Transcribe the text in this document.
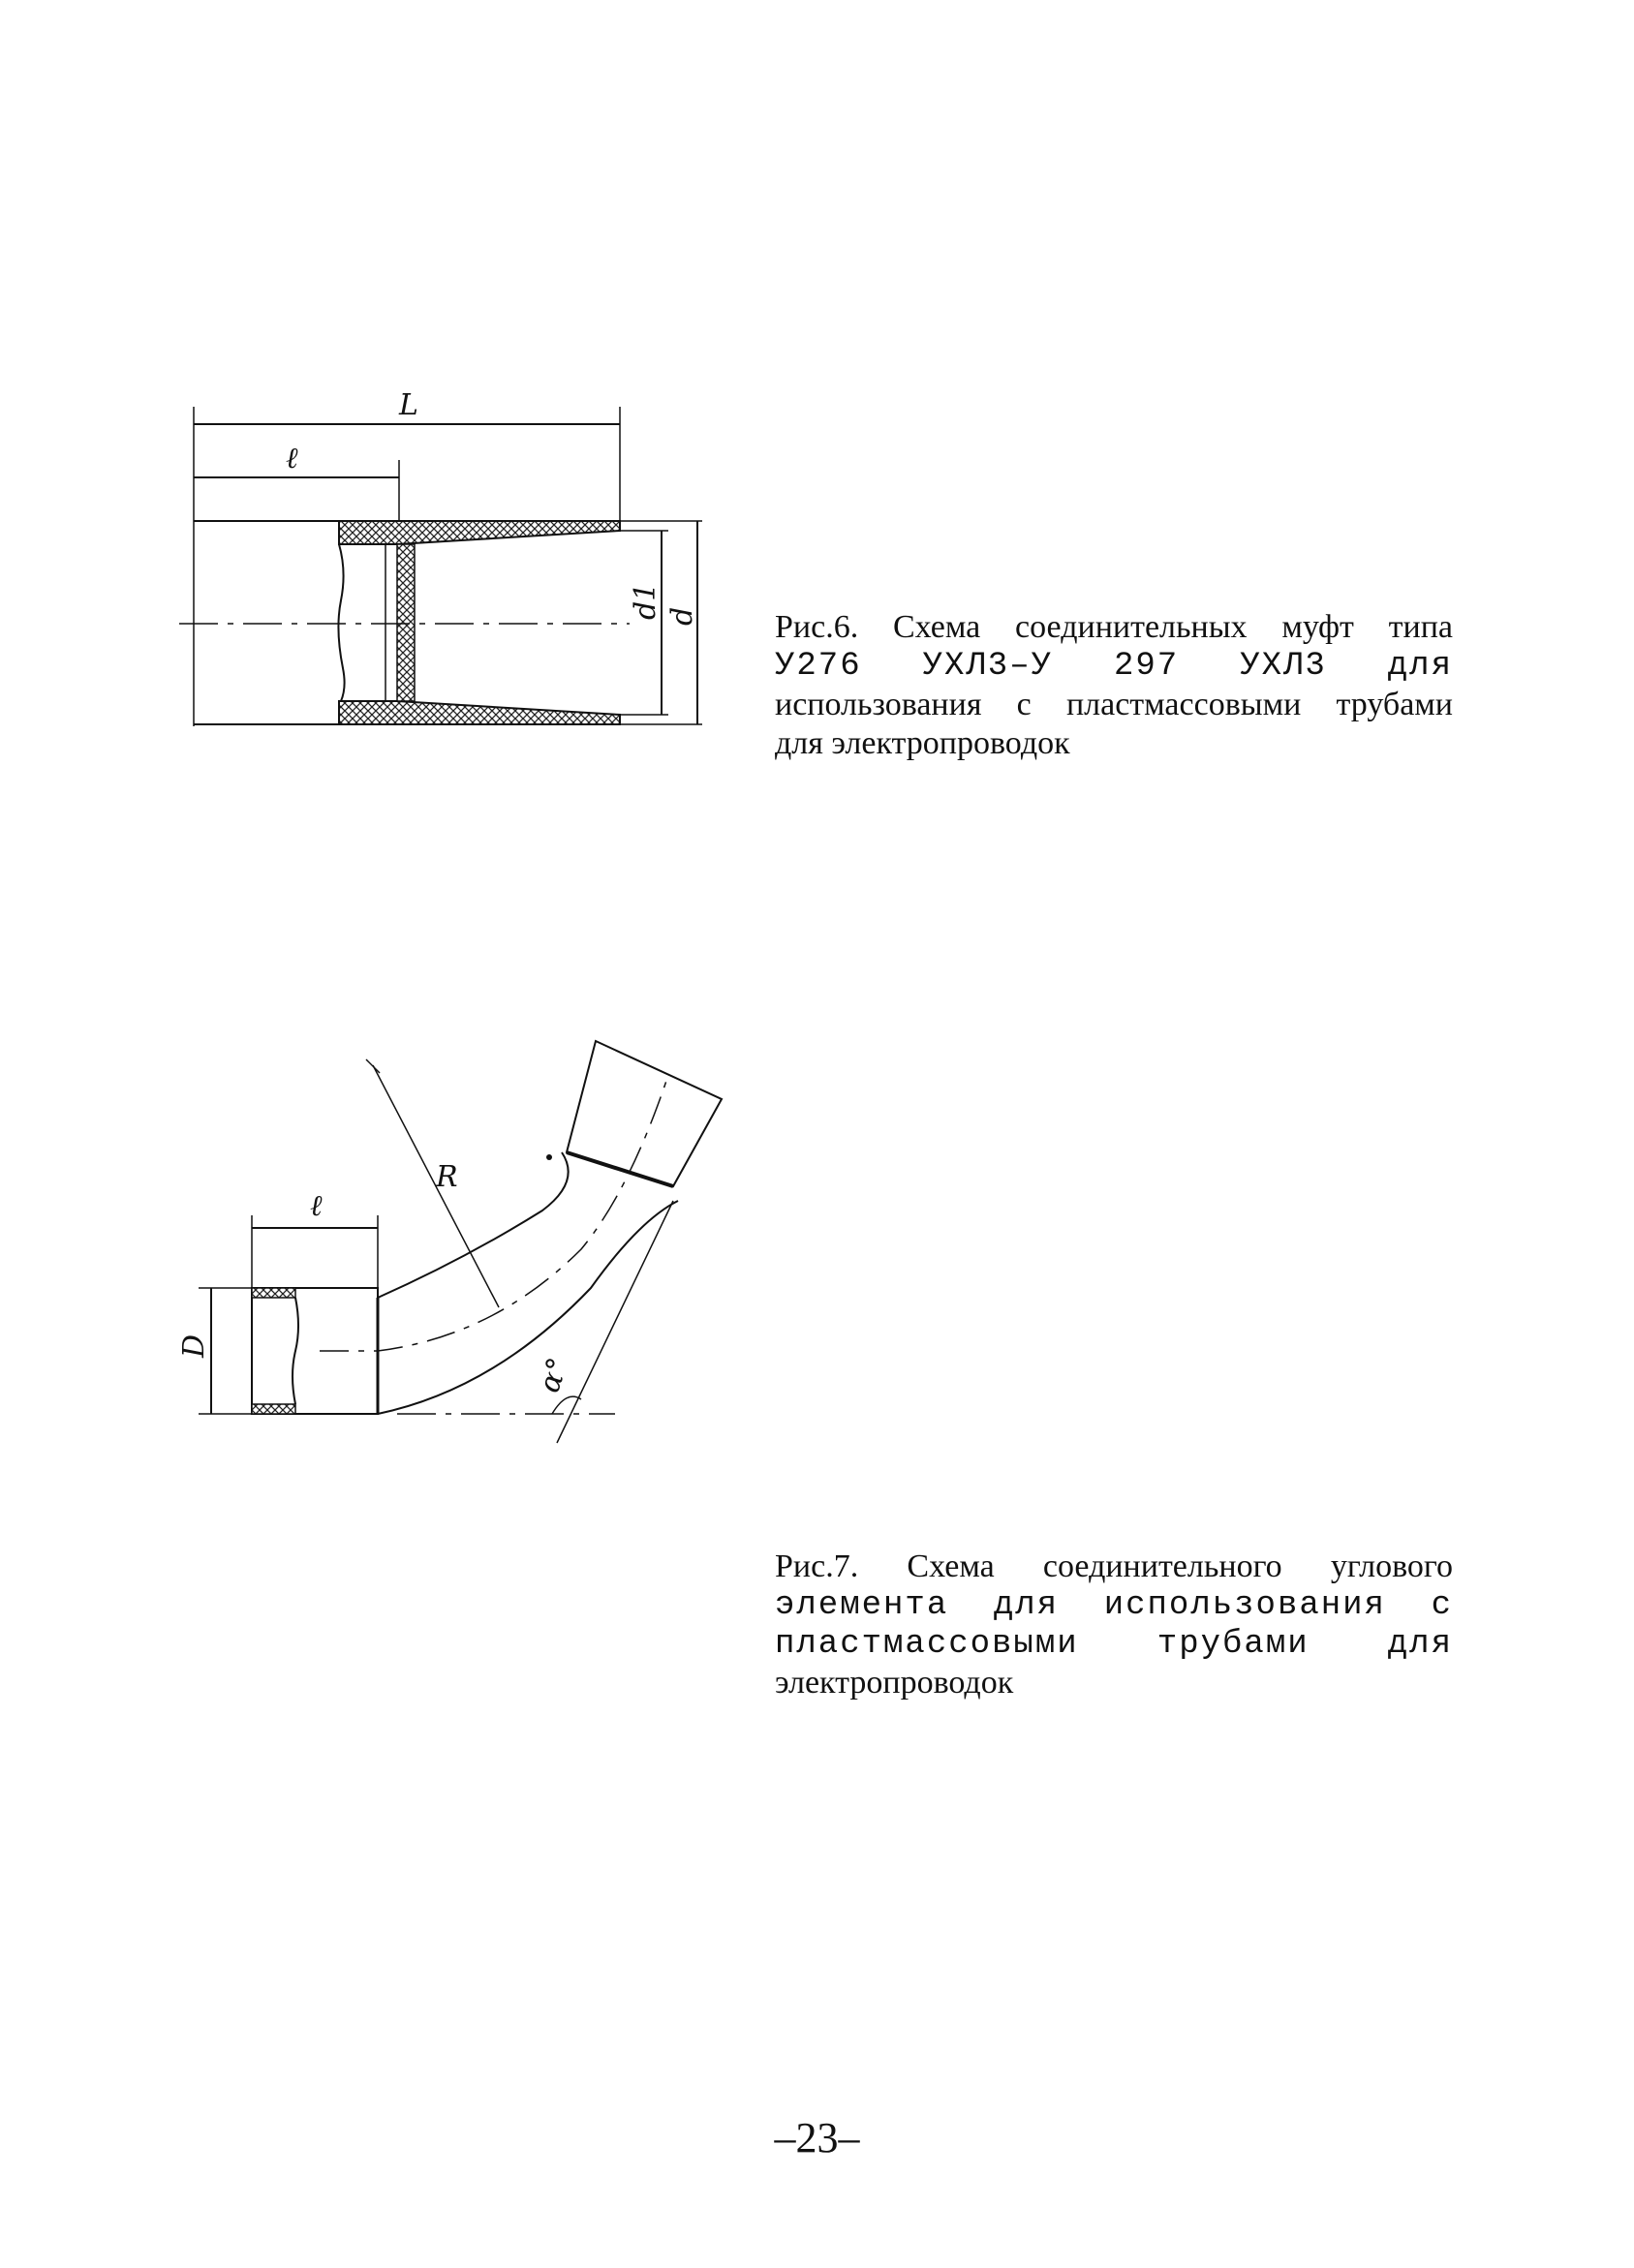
L
ℓ
d1 d Рис.6. Схема соединительных муфт типа
У276 УХЛ3–У 297 УХЛ3 для
использования с пластмассовыми трубами
для электропроводок
ℓ
D
R
α°
Рис.7. Схема соединительного углового
элемента для использования с
пластмассовыми трубами для
электропроводок
–23–
